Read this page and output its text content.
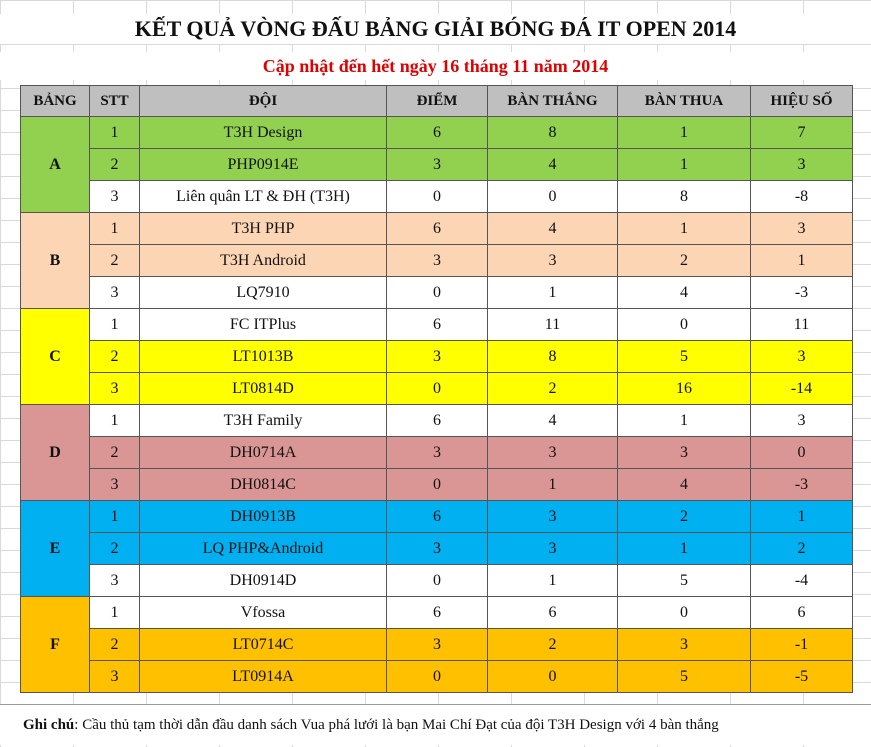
KẾT QUẢ VÒNG ĐẤU BẢNG GIẢI BÓNG ĐÁ IT OPEN 2014
Cập nhật đến hết ngày 16 tháng 11 năm 2014
BẢNG	STT	ĐỘI	ĐIỂM	BÀN THẮNG	BÀN THUA	HIỆU SỐ
A	1	T3H Design	6	8	1	7
	2	PHP0914E	3	4	1	3
	3	Liên quân LT & ĐH (T3H)	0	0	8	-8
B	1	T3H PHP	6	4	1	3
	2	T3H Android	3	3	2	1
	3	LQ7910	0	1	4	-3
C	1	FC ITPlus	6	11	0	11
	2	LT1013B	3	8	5	3
	3	LT0814D	0	2	16	-14
D	1	T3H Family	6	4	1	3
	2	DH0714A	3	3	3	0
	3	DH0814C	0	1	4	-3
E	1	DH0913B	6	3	2	1
	2	LQ PHP&Android	3	3	1	2
	3	DH0914D	0	1	5	-4
F	1	Vfossa	6	6	0	6
	2	LT0714C	3	2	3	-1
	3	LT0914A	0	0	5	-5
Ghi chú: Cầu thủ tạm thời dẫn đầu danh sách Vua phá lưới là bạn Mai Chí Đạt của đội T3H Design với 4 bàn thắng
